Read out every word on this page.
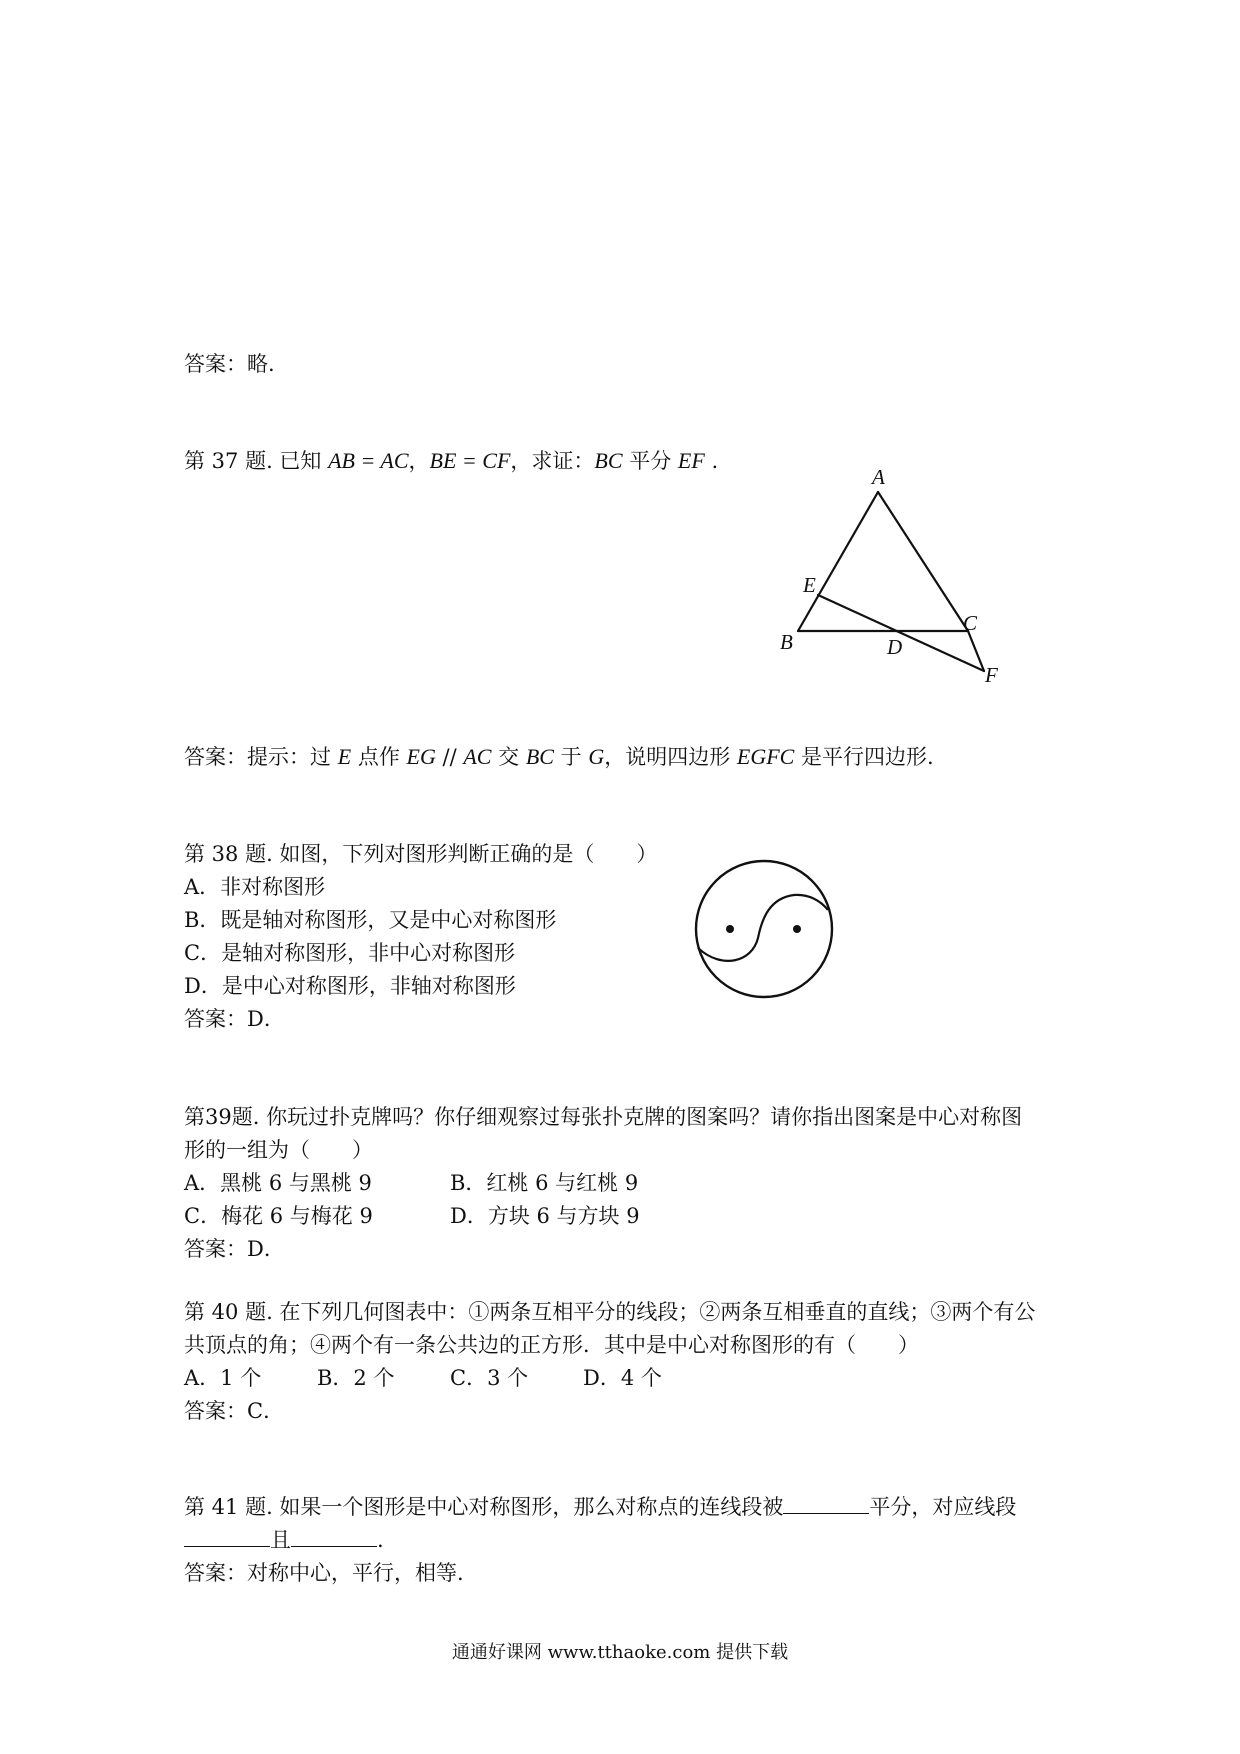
答案：略.
第 37 题. 已知 AB = AC，BE = CF，求证：BC 平分 EF .
A
E
C
B	D
F
答案：提示：过 E 点作 EG // AC 交 BC 于 G，说明四边形 EGFC 是平行四边形.
第 38 题. 如图，下列对图形判断正确的是（　　）
A．非对称图形
B．既是轴对称图形，又是中心对称图形
C．是轴对称图形，非中心对称图形
D．是中心对称图形，非轴对称图形
答案：D．
第39题. 你玩过扑克牌吗？你仔细观察过每张扑克牌的图案吗？请你指出图案是中心对称图
形的一组为（　　）
A．黑桃 6 与黑桃 9	B．红桃 6 与红桃 9
C．梅花 6 与梅花 9	D．方块 6 与方块 9
答案：D．
第 40 题. 在下列几何图表中：①两条互相平分的线段；②两条互相垂直的直线；③两个有公
共顶点的角；④两个有一条公共边的正方形．其中是中心对称图形的有（　　）
A．1 个	B．2 个	C．3 个	D．4 个
答案：C．
第 41 题. 如果一个图形是中心对称图形，那么对称点的连线段被	平分，对应线段
且	.
答案：对称中心，平行，相等.
通通好课网 www.tthaoke.com 提供下载
